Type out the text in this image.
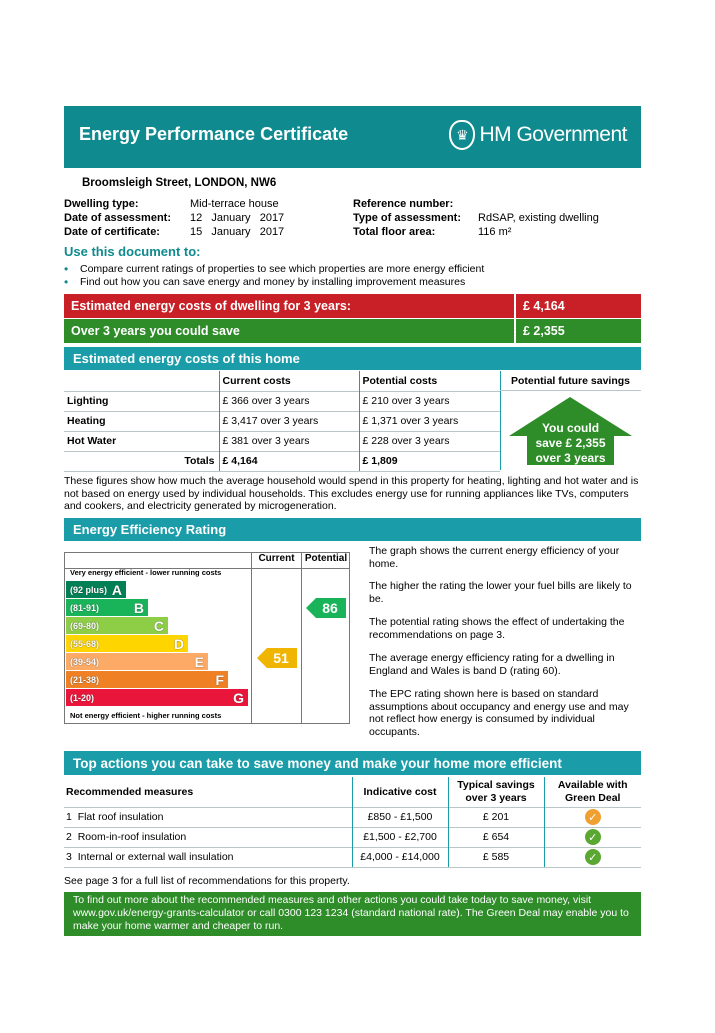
Energy Performance Certificate	♛ HM Government
Broomsleigh Street, LONDON, NW6
Dwelling type:	Mid-terrace house
Date of assessment: 12   January   2017
Date of certificate:	15   January   2017
Reference number:
Type of assessment: RdSAP, existing dwelling
Total floor area:	116 m²
Use this document to:
•	Compare current ratings of properties to see which properties are more energy efficient
•	Find out how you can save energy and money by installing improvement measures
Estimated energy costs of dwelling for 3 years:	£ 4,164
Over 3 years you could save	£ 2,355
Estimated energy costs of this home
	Current costs	Potential costs
Lighting	£ 366 over 3 years	£ 210 over 3 years
Heating	£ 3,417 over 3 years	£ 1,371 over 3 years
Hot Water	£ 381 over 3 years	£ 228 over 3 years
Totals	£ 4,164	£ 1,809
Potential future savings
You could
save £ 2,355
over 3 years
These figures show how much the average household would spend in this property for heating, lighting and hot water and is not based on energy used by individual households. This excludes energy use for running appliances like TVs, computers and cookers, and electricity generated by microgeneration.
Energy Efficiency Rating
Current	Potential
Very energy efficient - lower running costs
(92 plus) A
(81-91) B
(69-80)	C
(55-68)	D
(39-54)	E
(21-38)	F
(1-20)	G
Not energy efficient - higher running costs
51
86
The graph shows the current energy efficiency of your home.
The higher the rating the lower your fuel bills are likely to be.
The potential rating shows the effect of undertaking the recommendations on page 3.
The average energy efficiency rating for a dwelling in England and Wales is band D (rating 60).
The EPC rating shown here is based on standard assumptions about occupancy and energy use and may not reflect how energy is consumed by individual occupants.
Top actions you can take to save money and make your home more efficient
Recommended measures	Indicative cost	Typical savings over 3 years	Available with Green Deal
1 Flat roof insulation	£850 - £1,500	£ 201	✓
2 Room-in-roof insulation	£1,500 - £2,700	£ 654	✓
3 Internal or external wall insulation	£4,000 - £14,000	£ 585	✓
See page 3 for a full list of recommendations for this property.
To find out more about the recommended measures and other actions you could take today to save money, visit
www.gov.uk/energy-grants-calculator or call 0300 123 1234 (standard national rate). The Green Deal may enable you to
make your home warmer and cheaper to run.
